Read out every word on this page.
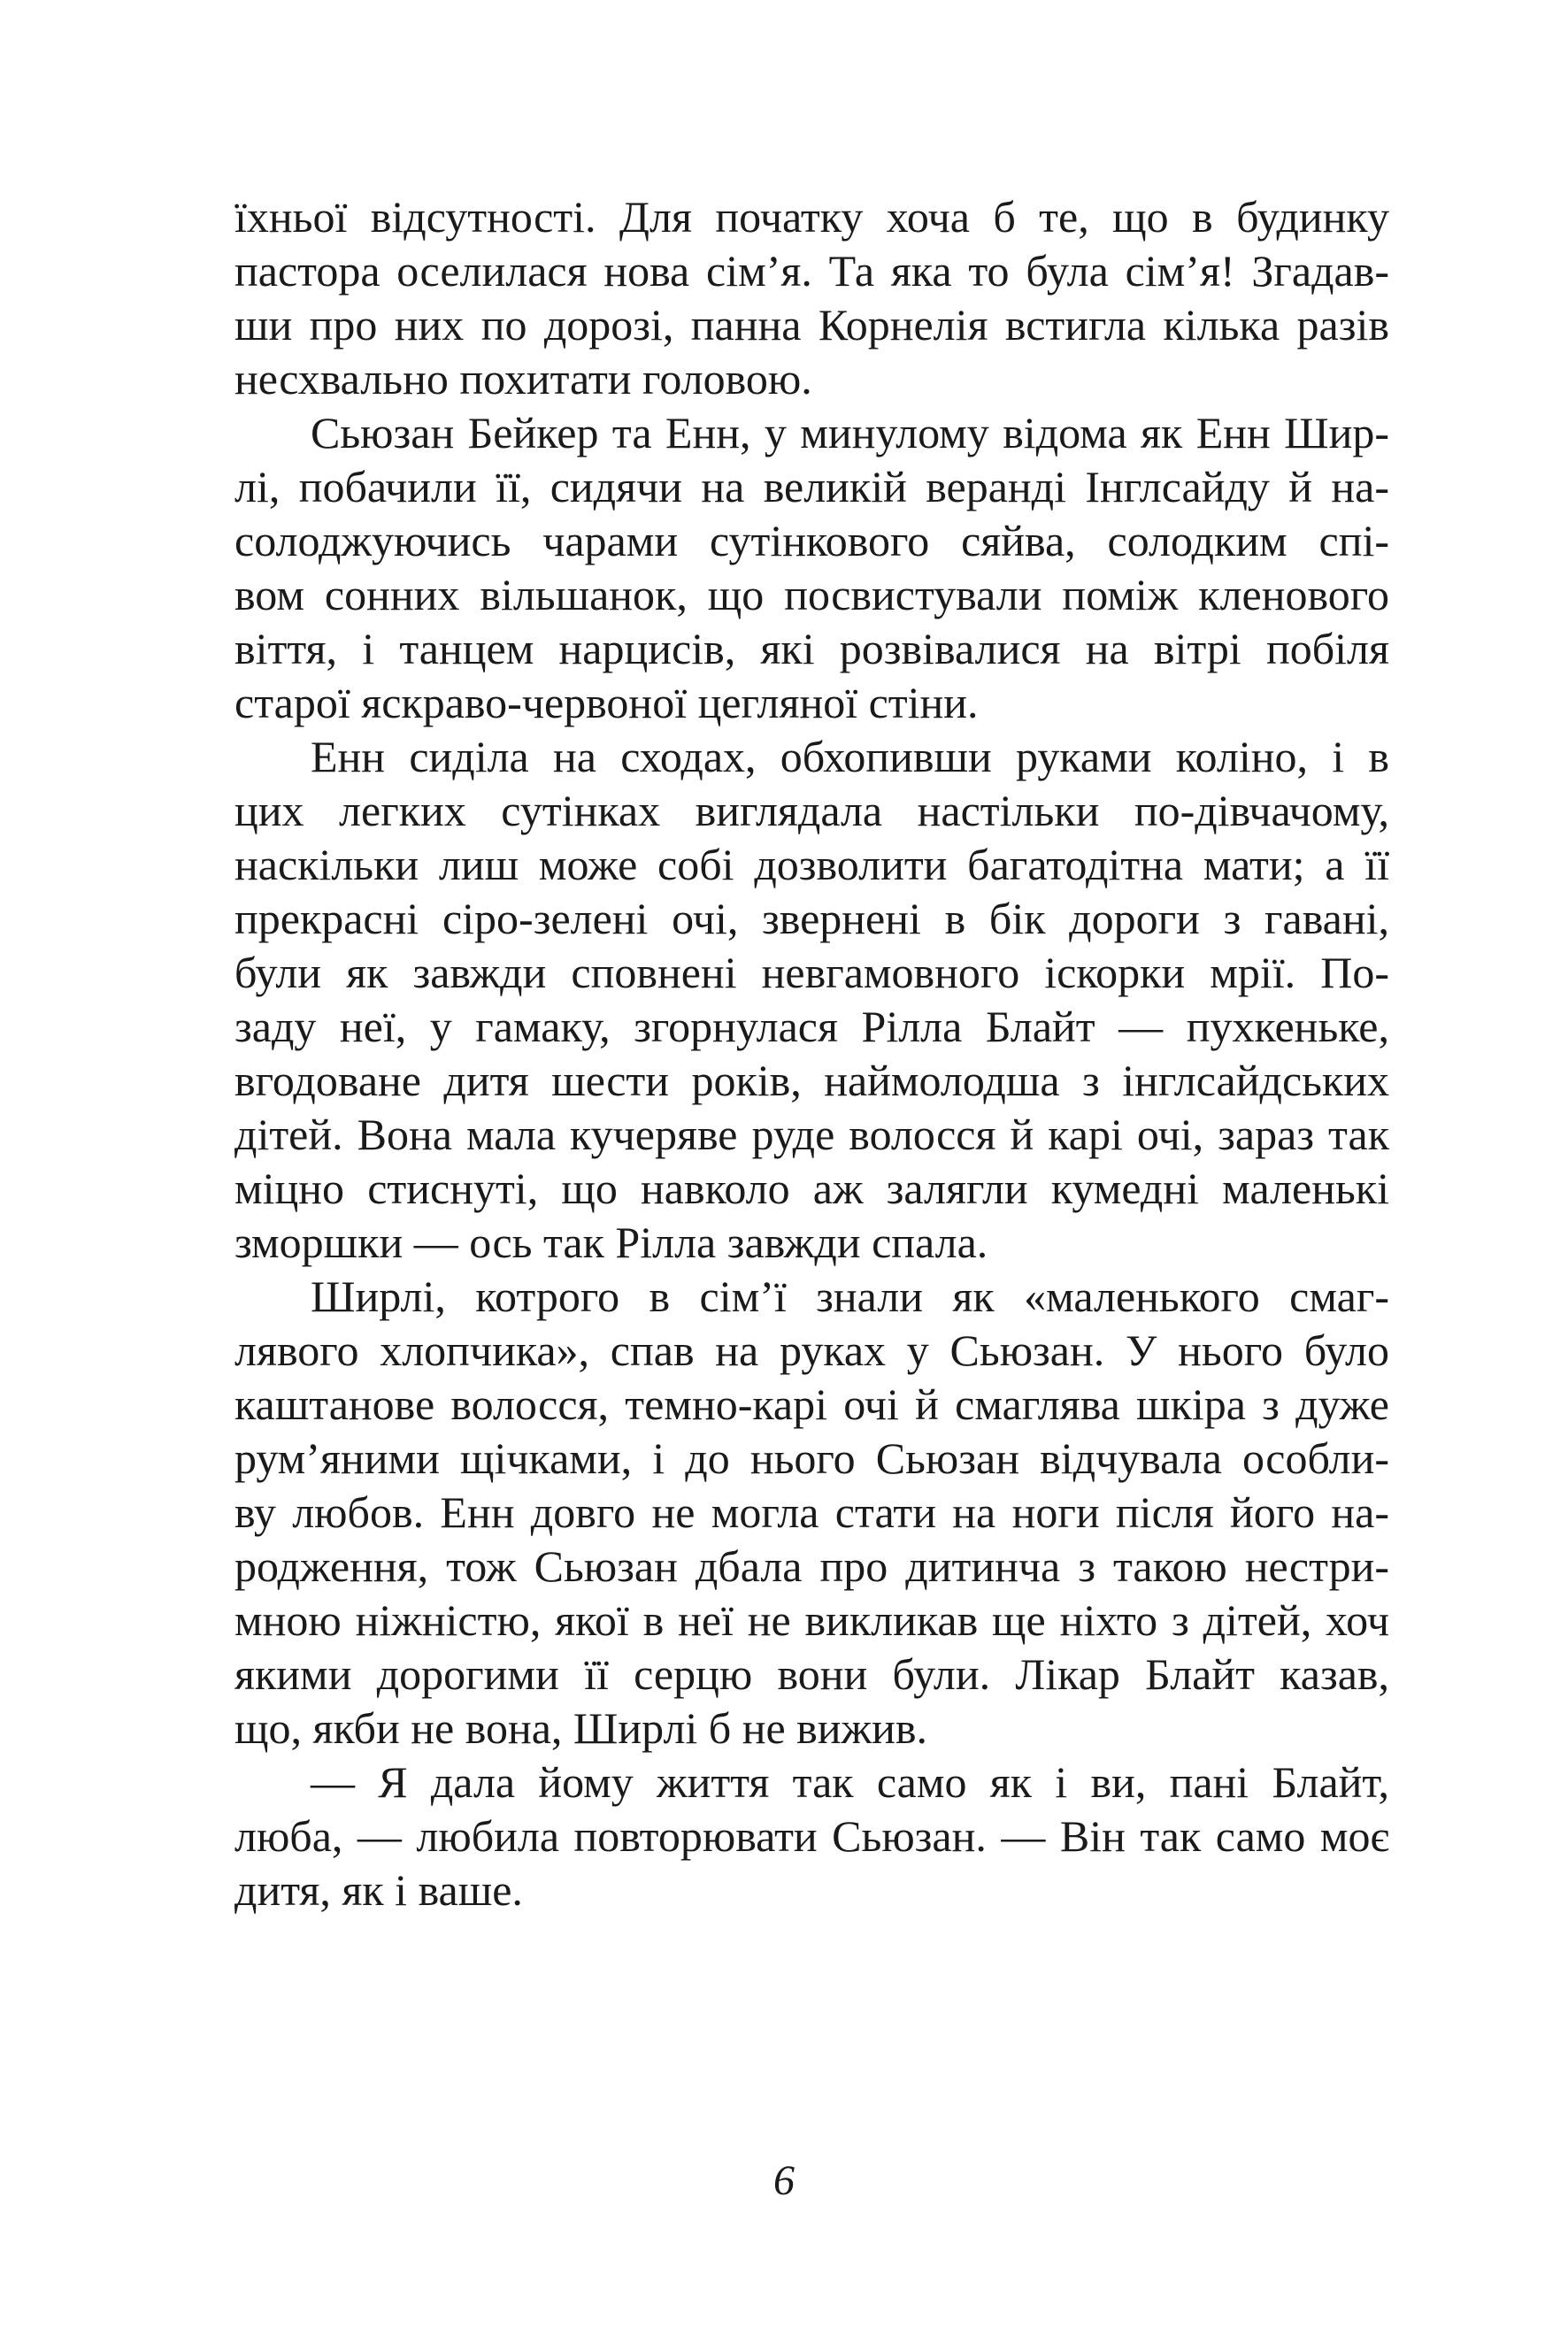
їхньої відсутності. Для початку хоча б те, що в будинку
пастора оселилася нова сім’я. Та яка то була сім’я! Згадав-
ши про них по дорозі, панна Корнелія встигла кілька разів
несхвально похитати головою.
Сьюзан Бейкер та Енн, у минулому відома як Енн Шир-
лі, побачили її, сидячи на великій веранді Інглсайду й на-
солоджуючись чарами сутінкового сяйва, солодким спі-
вом сонних вільшанок, що посвистували поміж кленового
віття, і танцем нарцисів, які розвівалися на вітрі побіля
старої яскраво-червоної цегляної стіни.
Енн сиділа на сходах, обхопивши руками коліно, і в
цих легких сутінках виглядала настільки по-дівчачому,
наскільки лиш може собі дозволити багатодітна мати; а її
прекрасні сіро-зелені очі, звернені в бік дороги з гавані,
були як завжди сповнені невгамовного іскорки мрії. По-
заду неї, у гамаку, згорнулася Рілла Блайт — пухкеньке,
вгодоване дитя шести років, наймолодша з інглсайдських
дітей. Вона мала кучеряве руде волосся й карі очі, зараз так
міцно стиснуті, що навколо аж залягли кумедні маленькі
зморшки — ось так Рілла завжди спала.
Ширлі, котрого в сім’ї знали як «маленького смаг-
лявого хлопчика», спав на руках у Сьюзан. У нього було
каштанове волосся, темно-карі очі й смаглява шкіра з дуже
рум’яними щічками, і до нього Сьюзан відчувала особли-
ву любов. Енн довго не могла стати на ноги після його на-
родження, тож Сьюзан дбала про дитинча з такою нестри-
мною ніжністю, якої в неї не викликав ще ніхто з дітей, хоч
якими дорогими її серцю вони були. Лікар Блайт казав,
що, якби не вона, Ширлі б не вижив.
— Я дала йому життя так само як і ви, пані Блайт,
люба, — любила повторювати Сьюзан. — Він так само моє
дитя, як і ваше.
6
